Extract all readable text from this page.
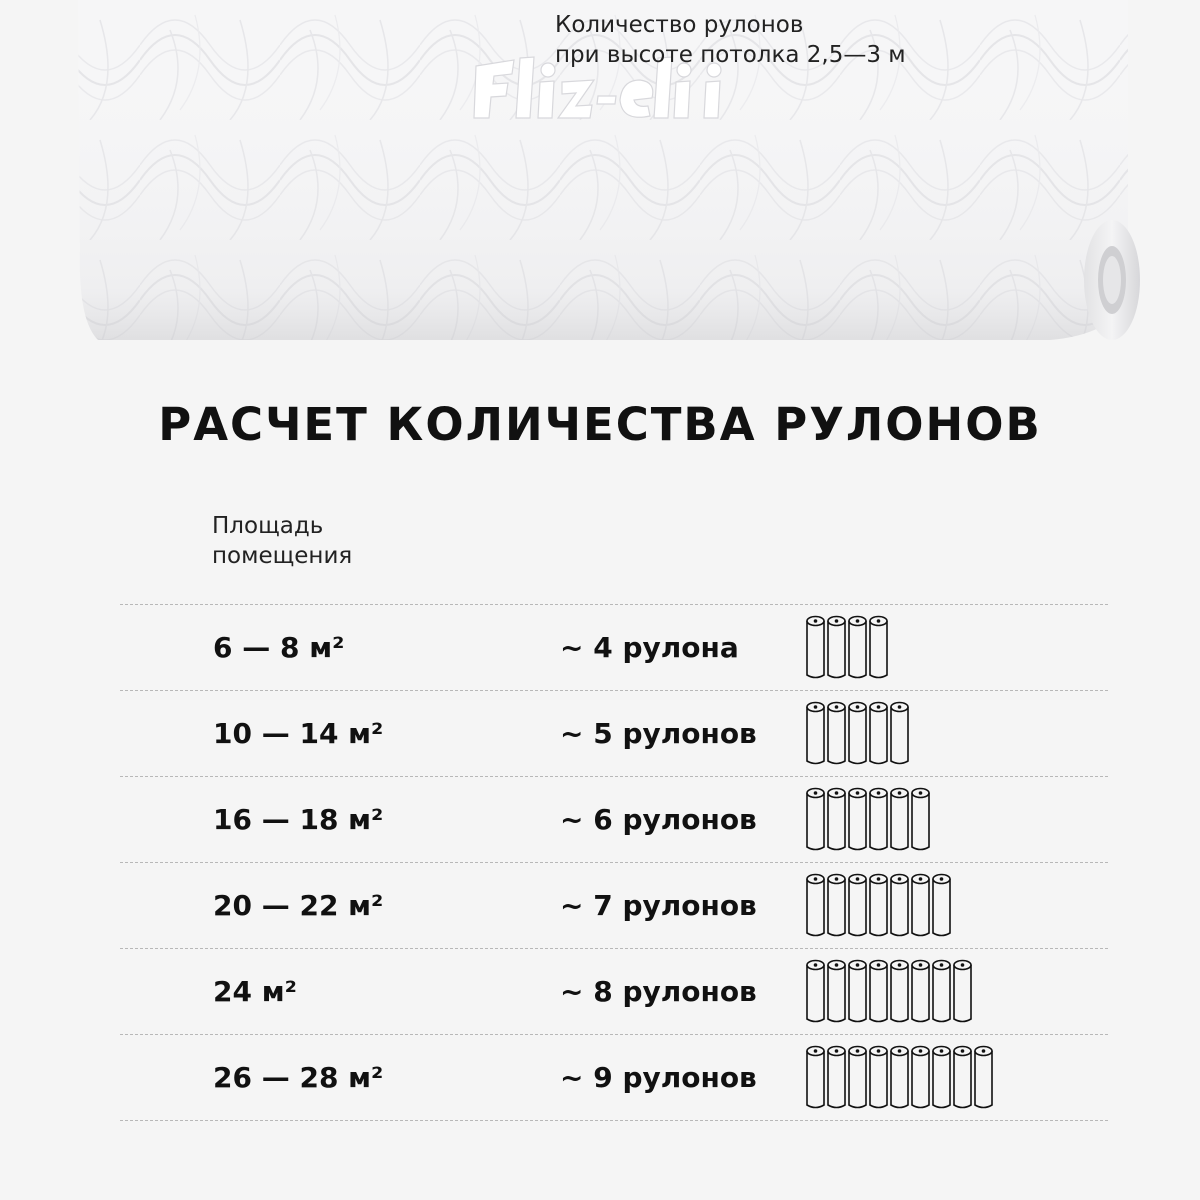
РАСЧЕТ КОЛИЧЕСТВА РУЛОНОВ
Площадь
помещения
Количество рулонов
при высоте потолка 2,5—3 м
6 — 8 м²	~ 4 рулона
10 — 14 м²	~ 5 рулонов
16 — 18 м²	~ 6 рулонов
20 — 22 м²	~ 7 рулонов
24 м²	~ 8 рулонов
26 — 28 м²	~ 9 рулонов
